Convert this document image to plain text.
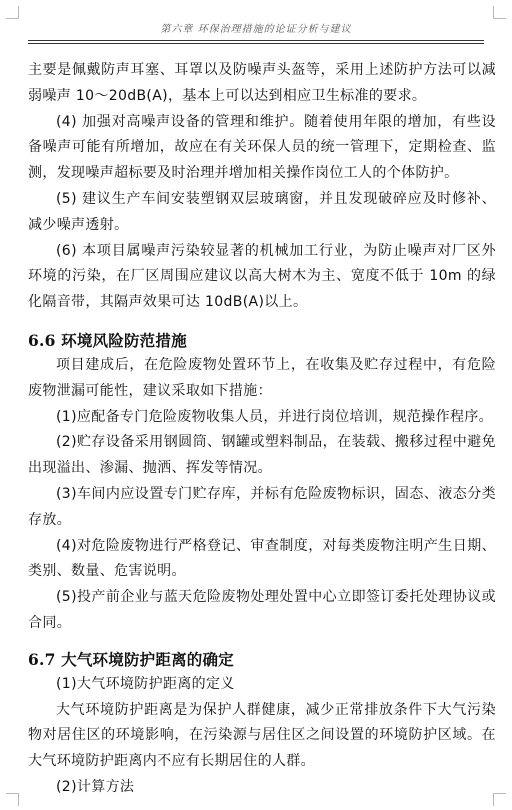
第六章 环保治理措施的论证分析与建议

主要是佩戴防声耳塞、耳罩以及防噪声头盔等，采用上述防护方法可以减弱噪声 10～20dB(A)，基本上可以达到相应卫生标准的要求。

(4) 加强对高噪声设备的管理和维护。随着使用年限的增加，有些设备噪声可能有所增加，故应在有关环保人员的统一管理下，定期检查、监测，发现噪声超标要及时治理并增加相关操作岗位工人的个体防护。

(5) 建议生产车间安装塑钢双层玻璃窗，并且发现破碎应及时修补、减少噪声透射。

(6) 本项目属噪声污染较显著的机械加工行业，为防止噪声对厂区外环境的污染，在厂区周围应建议以高大树木为主、宽度不低于 10m 的绿化隔音带，其隔声效果可达 10dB(A)以上。

6.6 环境风险防范措施

项目建成后，在危险废物处置环节上，在收集及贮存过程中，有危险废物泄漏可能性，建议采取如下措施：

(1)应配备专门危险废物收集人员，并进行岗位培训，规范操作程序。

(2)贮存设备采用钢圆筒、钢罐或塑料制品，在装载、搬移过程中避免出现溢出、渗漏、抛洒、挥发等情况。

(3)车间内应设置专门贮存库，并标有危险废物标识，固态、液态分类存放。

(4)对危险废物进行严格登记、审查制度，对每类废物注明产生日期、类别、数量、危害说明。

(5)投产前企业与蓝天危险废物处理处置中心立即签订委托处理协议或合同。

6.7 大气环境防护距离的确定

(1)大气环境防护距离的定义

大气环境防护距离是为保护人群健康，减少正常排放条件下大气污染物对居住区的环境影响，在污染源与居住区之间设置的环境防护区域。在大气环境防护距离内不应有长期居住的人群。

(2)计算方法
